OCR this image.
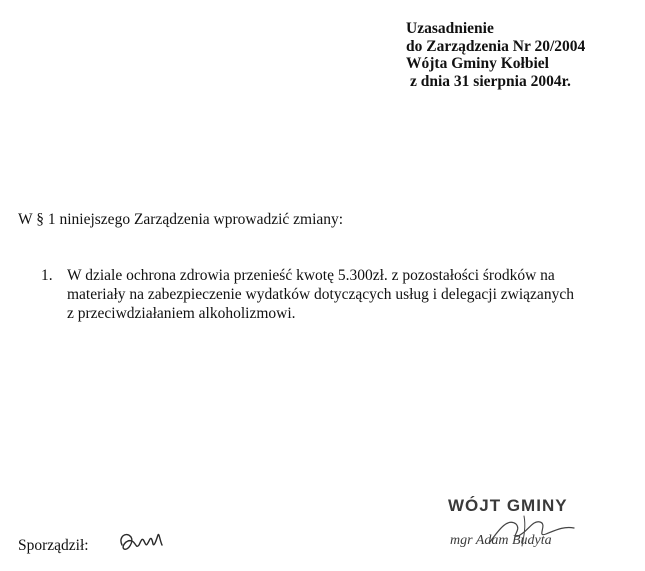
Uzasadnienie
do Zarządzenia Nr 20/2004
Wójta Gminy Kołbiel
z dnia 31 sierpnia 2004r.
W § 1 niniejszego Zarządzenia wprowadzić zmiany:
1. W dziale ochrona zdrowia przenieść kwotę 5.300zł. z pozostałości środków na
materiały na zabezpieczenie wydatków dotyczących usług i delegacji związanych
z przeciwdziałaniem alkoholizmowi.
Sporządził:
WÓJT GMINY
mgr Adam Budyta
